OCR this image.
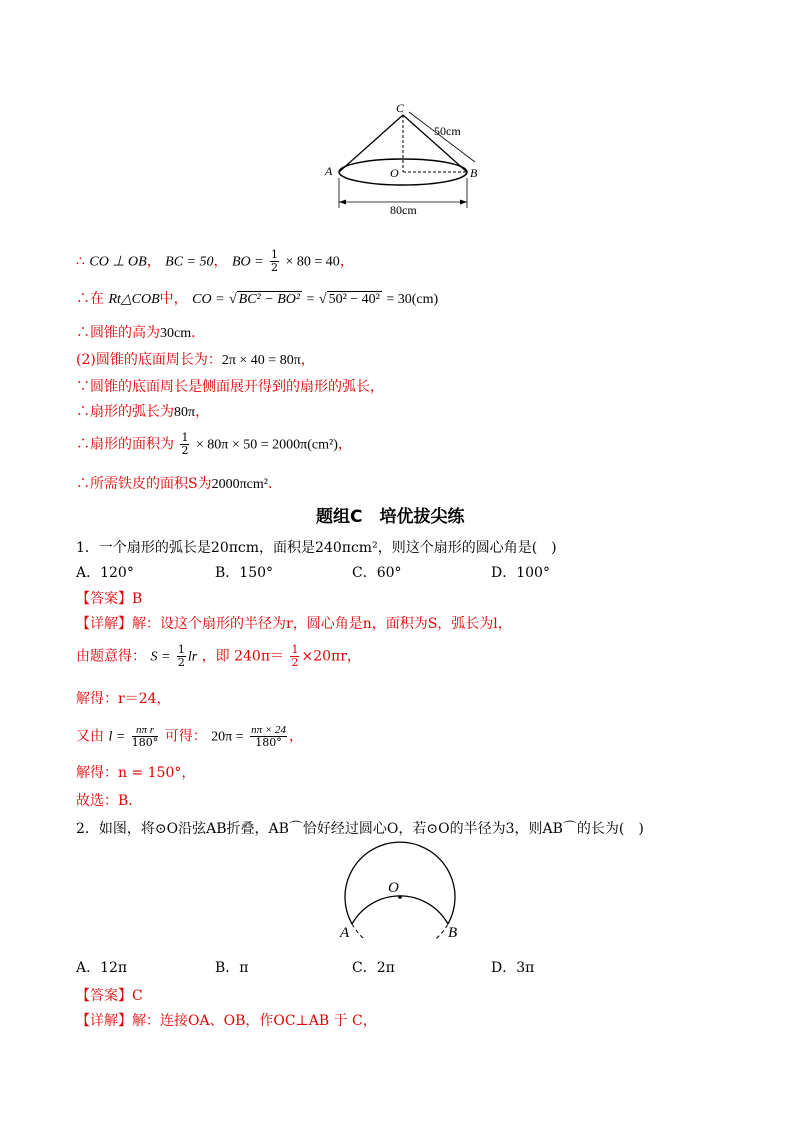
C
A	O	B
50cm
80cm
∴ CO ⊥ OB， BC = 50， BO = $\frac{1}{2} \times 80 = 40$，
∴在 Rt△COB中， CO = √ BC² − BO² = √ 50² − 40² = 30(cm)
∴圆锥的高为30cm．
(2)圆锥的底面周长为：2π × 40 = 80π，
∵圆锥的底面周长是侧面展开得到的扇形的弧长，
∴扇形的弧长为80π，
∴扇形的面积为 $\frac{1}{2} \times 80\pi \times 50 = 2000\pi(cm^2)$，
∴所需铁皮的面积S为2000πcm²．
题组C　培优拔尖练
1．一个扇形的弧长是20πcm，面积是240πcm²，则这个扇形的圆心角是(　)
A．120°	B．150°	C．60°	D．100°
【答案】B
【详解】解：设这个扇形的半径为r，圆心角是n，面积为S，弧长为l，
由题意得： $S = \frac{1}{2}$ lr ，即 $240\pi= \frac{1}{2} \times 20\pi r$，
解得：r＝24，
又由 $l = \frac{\text{nπ r}}{180^\circ}$ 可得： $20\pi = \frac{n\pi \times 24}{180^\circ}$ ，
解得：n = 150°，
故选：B．
2．如图，将⊙O沿弦AB折叠，AB⌒恰好经过圆心O，若⊙O的半径为3，则AB⌒的长为(　)
O
A	B
A．12π	B．π	C．2π	D．3π
【答案】C
【详解】解：连接OA、OB，作OC⊥AB 于 C，
